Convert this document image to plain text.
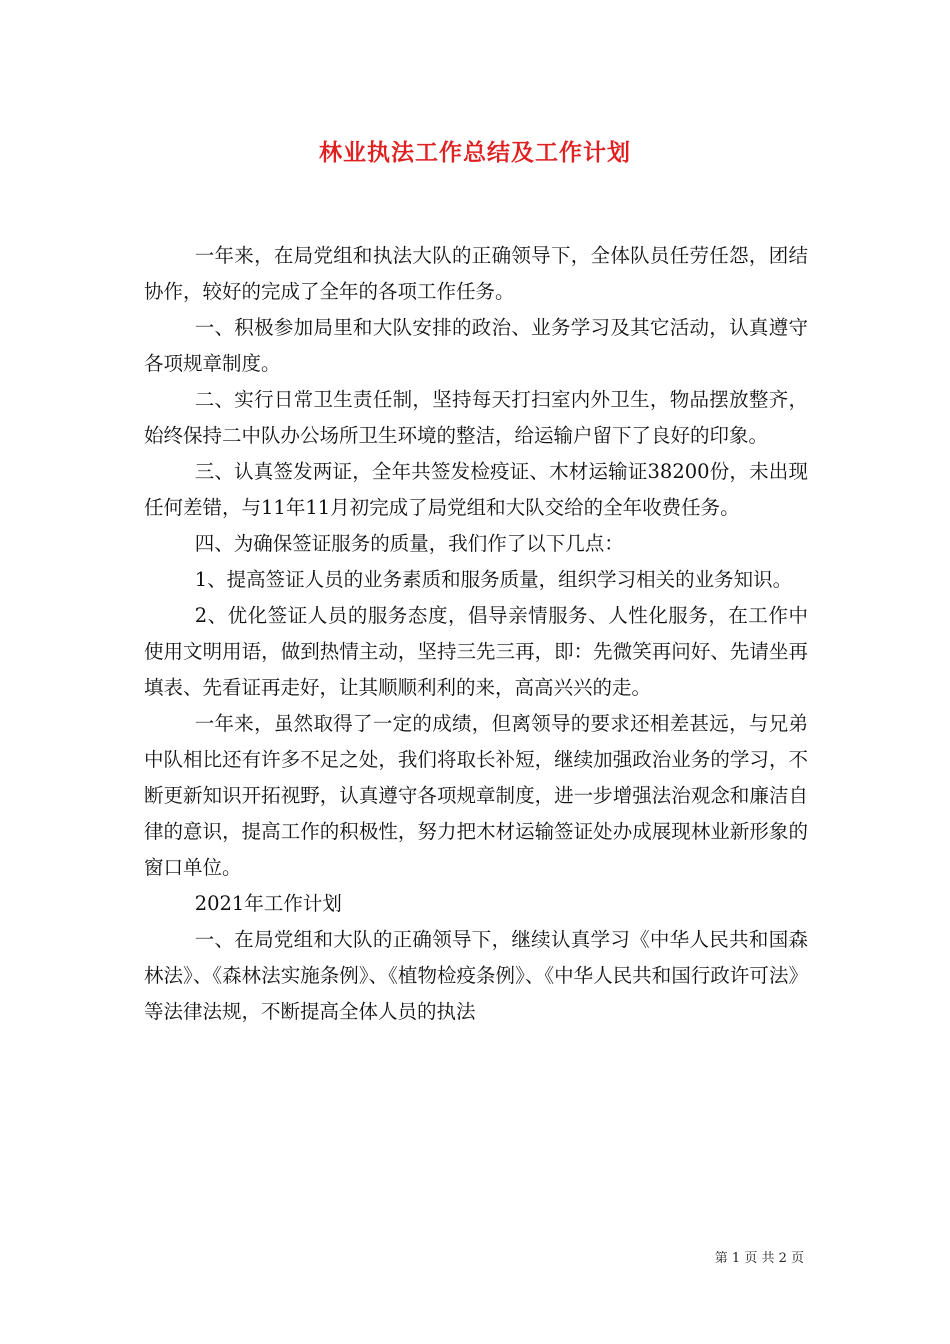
林业执法工作总结及工作计划

一年来，在局党组和执法大队的正确领导下，全体队员任劳任怨，团结协作，较好的完成了全年的各项工作任务。

一、积极参加局里和大队安排的政治、业务学习及其它活动，认真遵守各项规章制度。

二、实行日常卫生责任制，坚持每天打扫室内外卫生，物品摆放整齐，始终保持二中队办公场所卫生环境的整洁，给运输户留下了良好的印象。

三、认真签发两证，全年共签发检疫证、木材运输证38200份，未出现任何差错，与11年11月初完成了局党组和大队交给的全年收费任务。

四、为确保签证服务的质量，我们作了以下几点：

1、提高签证人员的业务素质和服务质量，组织学习相关的业务知识。

2、优化签证人员的服务态度，倡导亲情服务、人性化服务，在工作中使用文明用语，做到热情主动，坚持三先三再，即：先微笑再问好、先请坐再填表、先看证再走好，让其顺顺利利的来，高高兴兴的走。

一年来，虽然取得了一定的成绩，但离领导的要求还相差甚远，与兄弟中队相比还有许多不足之处，我们将取长补短，继续加强政治业务的学习，不断更新知识开拓视野，认真遵守各项规章制度，进一步增强法治观念和廉洁自律的意识，提高工作的积极性，努力把木材运输签证处办成展现林业新形象的窗口单位。

2021年工作计划

一、在局党组和大队的正确领导下，继续认真学习《中华人民共和国森林法》、《森林法实施条例》、《植物检疫条例》、《中华人民共和国行政许可法》等法律法规，不断提高全体人员的执法

第 1 页 共 2 页
